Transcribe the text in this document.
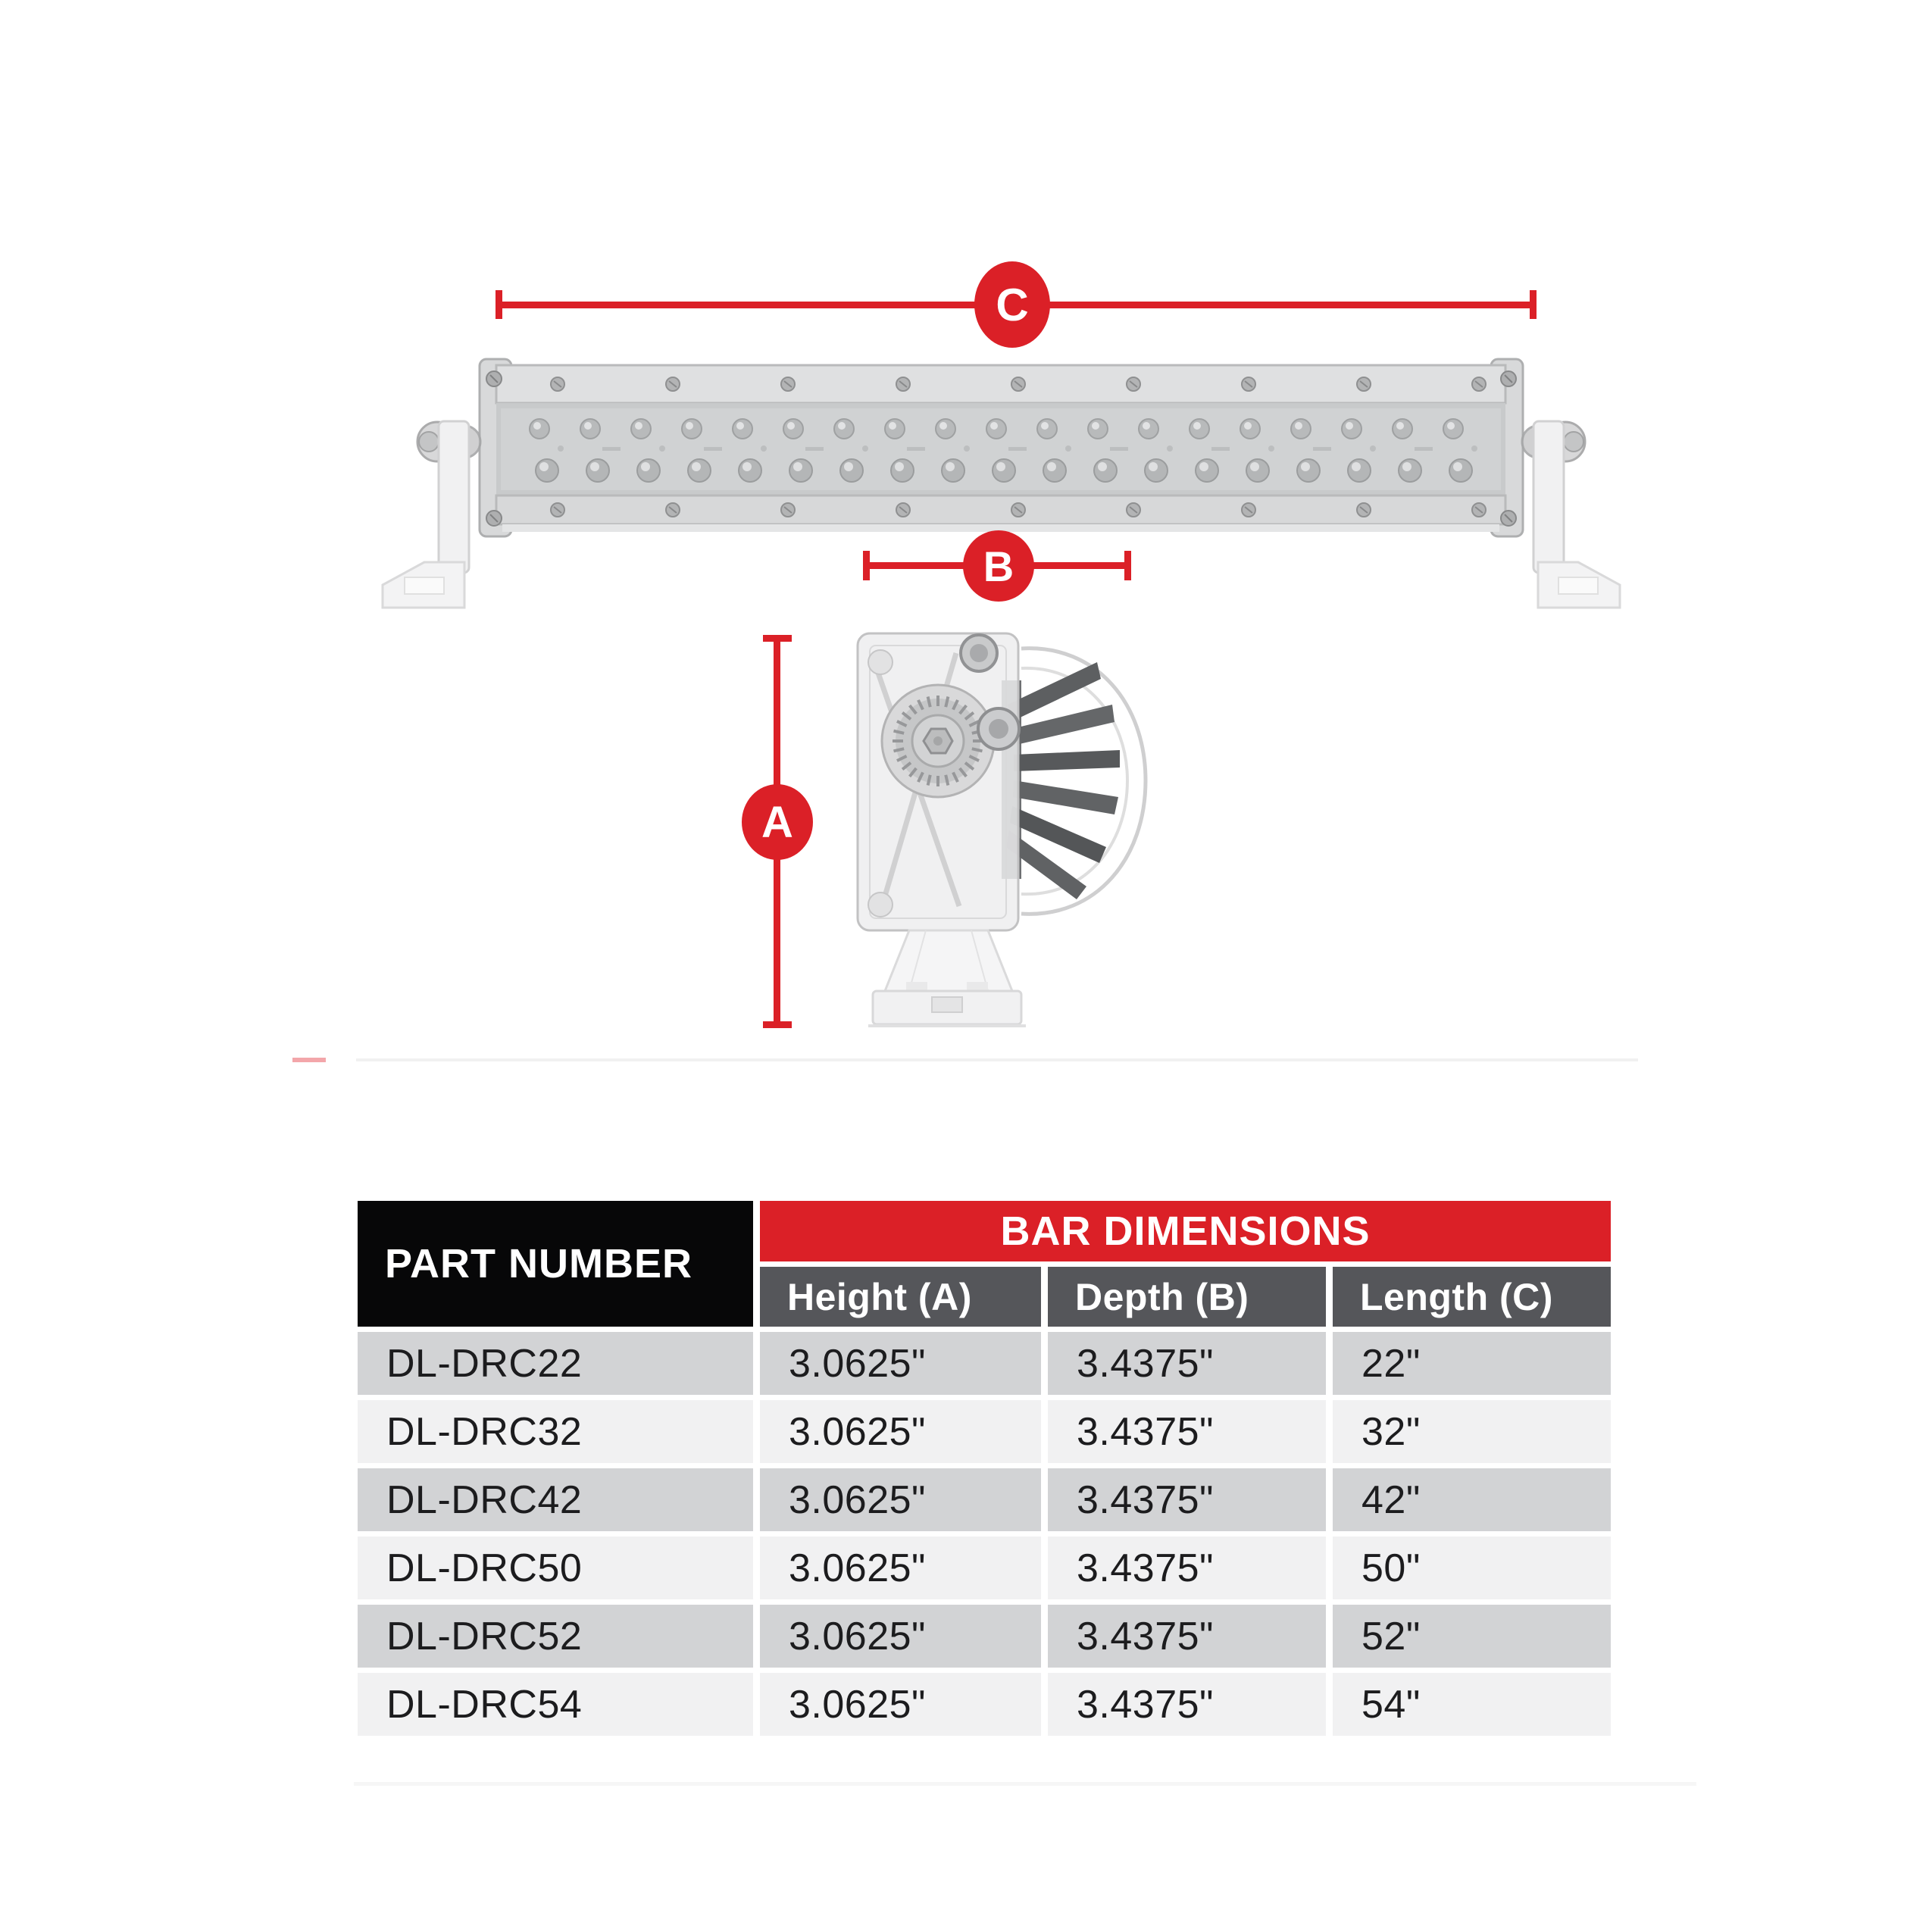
C
B
A
PART NUMBER
BAR DIMENSIONS
Height (A)	Depth (B)	Length (C)
DL-DRC22	3.0625"	3.4375"	22"
DL-DRC32	3.0625"	3.4375"	32"
DL-DRC42	3.0625"	3.4375"	42"
DL-DRC50	3.0625"	3.4375"	50"
DL-DRC52	3.0625"	3.4375"	52"
DL-DRC54	3.0625"	3.4375"	54"
